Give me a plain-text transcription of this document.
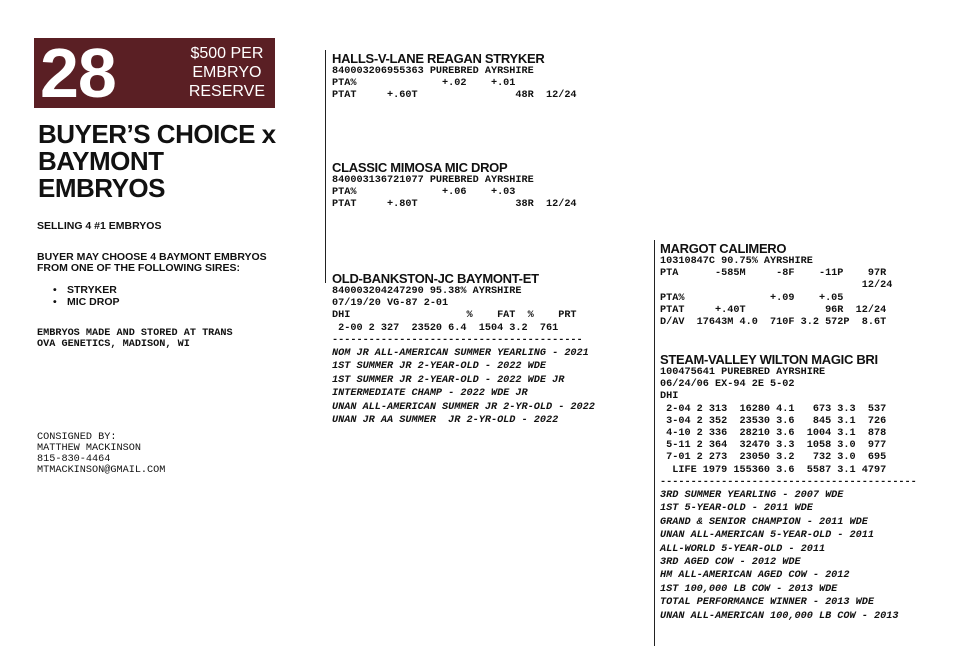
28	$500 PER
EMBRYO
RESERVE
BUYER’S CHOICE x
BAYMONT
EMBRYOS
SELLING 4 #1 EMBRYOS
BUYER MAY CHOOSE 4 BAYMONT EMBRYOS FROM ONE OF THE FOLLOWING SIRES:
• STRYKER
• MIC DROP
EMBRYOS MADE AND STORED AT TRANS
OVA GENETICS, MADISON, WI
CONSIGNED BY:
MATTHEW MACKINSON
815-830-4464
MTMACKINSON@GMAIL.COM
HALLS-V-LANE REAGAN STRYKER
840003206955363 PUREBRED AYRSHIRE
PTA%              +.02    +.01
PTAT     +.60T                48R  12/24
CLASSIC MIMOSA MIC DROP
840003136721077 PUREBRED AYRSHIRE
PTA%              +.06    +.03
PTAT     +.80T                38R  12/24
OLD-BANKSTON-JC BAYMONT-ET
840003204247290 95.38% AYRSHIRE
07/19/20 VG-87 2-01
DHI                   %    FAT  %    PRT
2-00 2 327  23520 6.4  1504 3.2  761
-----------------------------------------
NOM JR ALL-AMERICAN SUMMER YEARLING - 2021
1ST SUMMER JR 2-YEAR-OLD - 2022 WDE
1ST SUMMER JR 2-YEAR-OLD - 2022 WDE JR
INTERMEDIATE CHAMP - 2022 WDE JR
UNAN ALL-AMERICAN SUMMER JR 2-YR-OLD - 2022
UNAN JR AA SUMMER  JR 2-YR-OLD - 2022
MARGOT CALIMERO
10310847C 90.75% AYRSHIRE
PTA      -585M     -8F    -11P    97R
12/24
PTA%              +.09    +.05
PTAT     +.40T             96R  12/24
D/AV  17643M 4.0  710F 3.2 572P  8.6T
STEAM-VALLEY WILTON MAGIC BRI
100475641 PUREBRED AYRSHIRE
06/24/06 EX-94 2E 5-02
DHI
2-04 2 313  16280 4.1   673 3.3  537
3-04 2 352  23530 3.6   845 3.1  726
4-10 2 336  28210 3.6  1004 3.1  878
5-11 2 364  32470 3.3  1058 3.0  977
7-01 2 273  23050 3.2   732 3.0  695
LIFE 1979 155360 3.6  5587 3.1 4797
------------------------------------------
3RD SUMMER YEARLING - 2007 WDE
1ST 5-YEAR-OLD - 2011 WDE
GRAND & SENIOR CHAMPION - 2011 WDE
UNAN ALL-AMERICAN 5-YEAR-OLD - 2011
ALL-WORLD 5-YEAR-OLD - 2011
3RD AGED COW - 2012 WDE
HM ALL-AMERICAN AGED COW - 2012
1ST 100,000 LB COW - 2013 WDE
TOTAL PERFORMANCE WINNER - 2013 WDE
UNAN ALL-AMERICAN 100,000 LB COW - 2013
